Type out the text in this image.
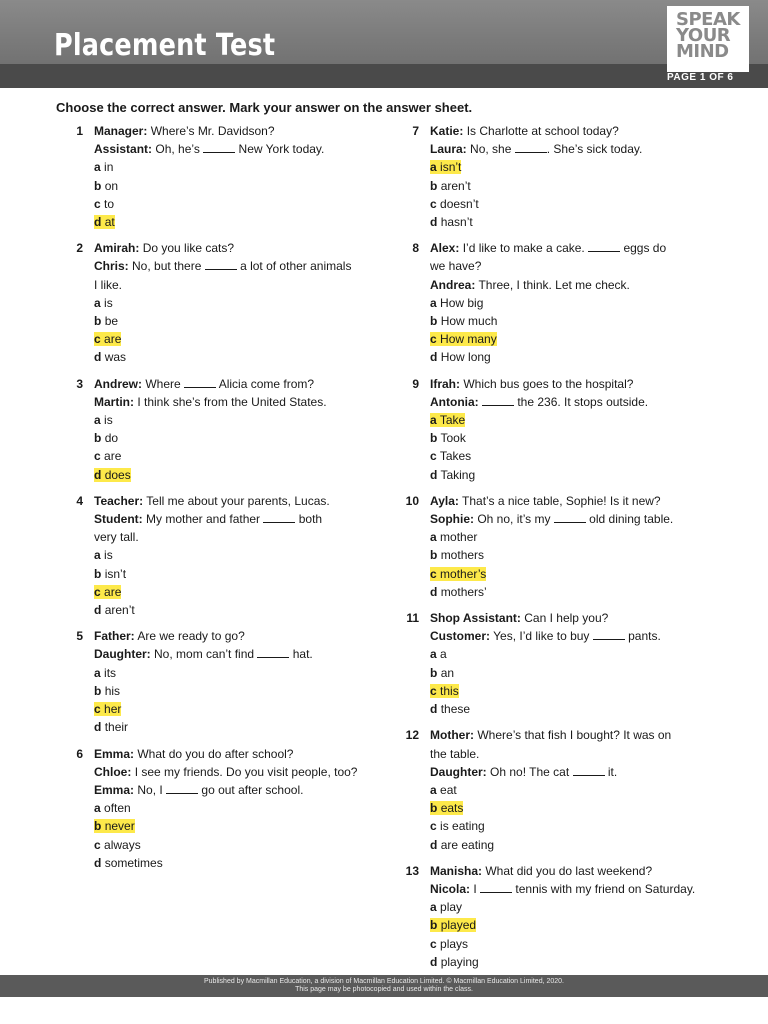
Placement Test
SPEAK
YOUR
MIND
PAGE 1 OF 6
Choose the correct answer. Mark your answer on the answer sheet.
1 Manager: Where’s Mr. Davidson?
Assistant: Oh, he’s	New York today.
a in
b on
c to
d at
2 Amirah: Do you like cats?
Chris: No, but there	a lot of other animals
I like.
a is
b be
c are
d was
3 Andrew: Where	Alicia come from?
Martin: I think she’s from the United States.
a is
b do
c are
d does
4 Teacher: Tell me about your parents, Lucas.
Student: My mother and father	both
very tall.
a is
b isn’t
c are
d aren’t
5 Father: Are we ready to go?
Daughter: No, mom can’t find	hat.
a its
b his
c her
d their
6 Emma: What do you do after school?
Chloe: I see my friends. Do you visit people, too?
Emma: No, I	go out after school.
a often
b never
c always
d sometimes
7 Katie: Is Charlotte at school today?
Laura: No, she	. She’s sick today.
a isn’t
b aren’t
c doesn’t
d hasn’t
8 Alex: I’d like to make a cake.	eggs do
we have?
Andrea: Three, I think. Let me check.
a How big
b How much
c How many
d How long
9 Ifrah: Which bus goes to the hospital?
Antonia:	the 236. It stops outside.
a Take
b Took
c Takes
d Taking
10 Ayla: That’s a nice table, Sophie! Is it new?
Sophie: Oh no, it’s my	old dining table.
a mother
b mothers
c mother’s
d mothers’
11 Shop Assistant: Can I help you?
Customer: Yes, I’d like to buy	pants.
a a
b an
c this
d these
12 Mother: Where’s that fish I bought? It was on
the table.
Daughter: Oh no! The cat	it.
a eat
b eats
c is eating
d are eating
13 Manisha: What did you do last weekend?
Nicola: I	tennis with my friend on Saturday.
a play
b played
c plays
d playing
Published by Macmillan Education, a division of Macmillan Education Limited. © Macmillan Education Limited, 2020.
This page may be photocopied and used within the class.
